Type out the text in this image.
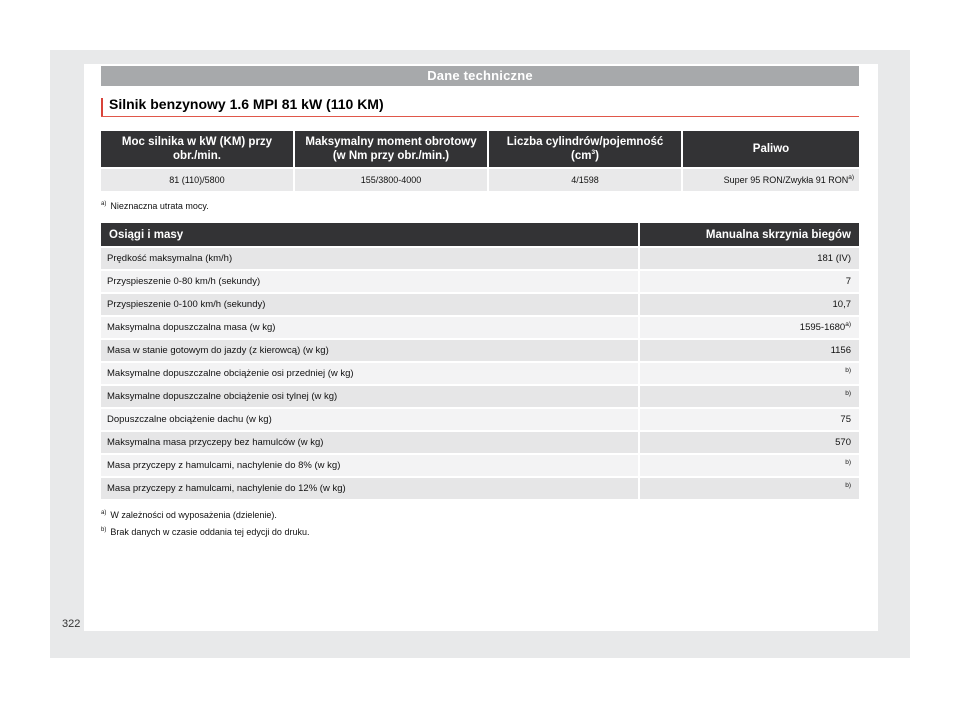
Dane techniczne
Silnik benzynowy 1.6 MPI 81 kW (110 KM)
Moc silnika w kW (KM) przy obr./min.	Maksymalny moment obrotowy (w Nm przy obr./min.)	Liczba cylindrów/pojemność $(cm^3)$	Paliwo
81 (110)/5800	155/3800-4000	4/1598	Super 95 RON/Zwykła 91 RON$^{a)}$
$^{a)}$ Nieznaczna utrata mocy.
Osiągi i masy	Manualna skrzynia biegów
Prędkość maksymalna (km/h)	181 (IV)
Przyspieszenie 0-80 km/h (sekundy)	7
Przyspieszenie 0-100 km/h (sekundy)	10,7
Maksymalna dopuszczalna masa (w kg)	1595-1680$^{a)}$
Masa w stanie gotowym do jazdy (z kierowcą) (w kg)	1156
Maksymalne dopuszczalne obciążenie osi przedniej (w kg)	$^{b)}$
Maksymalne dopuszczalne obciążenie osi tylnej (w kg)	$^{b)}$
Dopuszczalne obciążenie dachu (w kg)	75
Maksymalna masa przyczepy bez hamulców (w kg)	570
Masa przyczepy z hamulcami, nachylenie do 8% (w kg)	$^{b)}$
Masa przyczepy z hamulcami, nachylenie do 12% (w kg)	$^{b)}$
$^{a)}$ W zależności od wyposażenia (dzielenie).
$^{b)}$ Brak danych w czasie oddania tej edycji do druku.
322
